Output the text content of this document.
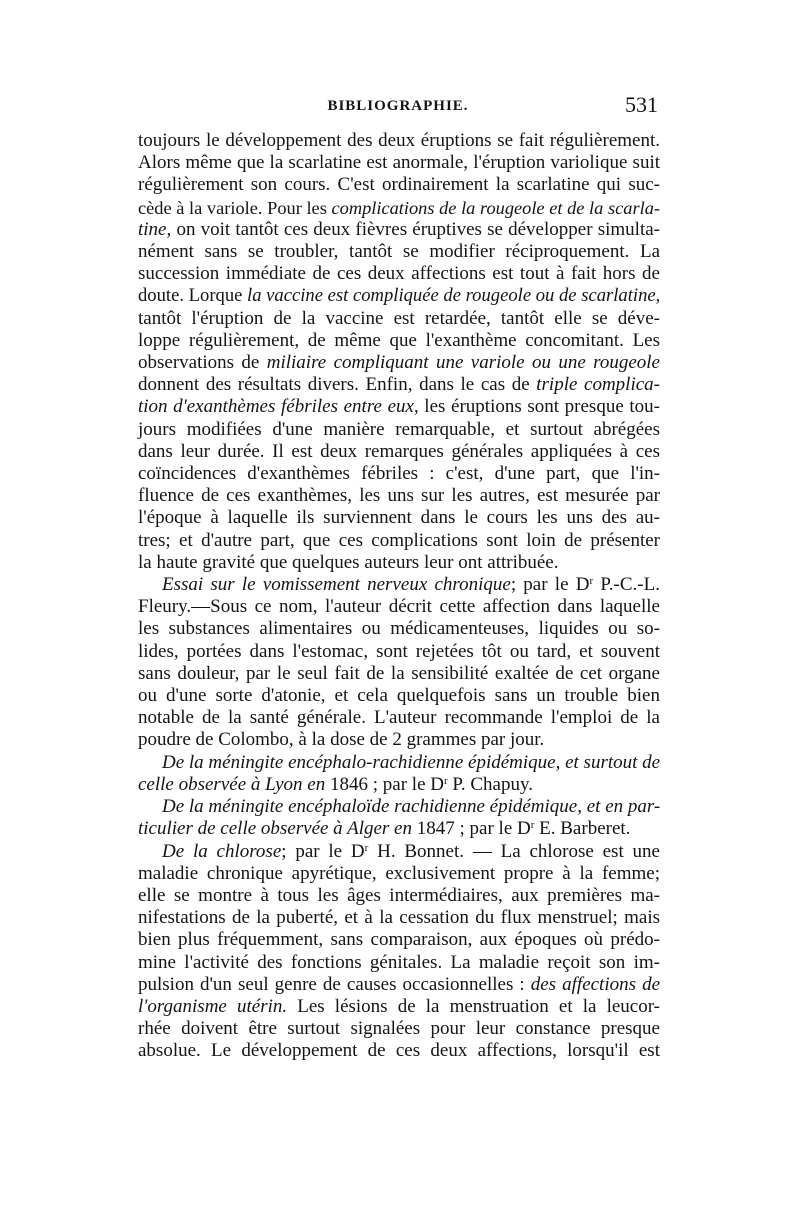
BIBLIOGRAPHIE.	531

toujours le développement des deux éruptions se fait régulièrement.
Alors même que la scarlatine est anormale, l'éruption variolique suit
régulièrement son cours. C'est ordinairement la scarlatine qui suc-
cède à la variole. Pour les complications de la rougeole et de la scarla-
tine, on voit tantôt ces deux fièvres éruptives se développer simulta-
nément sans se troubler, tantôt se modifier réciproquement. La
succession immédiate de ces deux affections est tout à fait hors de
doute. Lorque la vaccine est compliquée de rougeole ou de scarlatine,
tantôt l'éruption de la vaccine est retardée, tantôt elle se déve-
loppe régulièrement, de même que l'exanthème concomitant. Les
observations de miliaire compliquant une variole ou une rougeole
donnent des résultats divers. Enfin, dans le cas de triple complica-
tion d'exanthèmes fébriles entre eux, les éruptions sont presque tou-
jours modifiées d'une manière remarquable, et surtout abrégées
dans leur durée. Il est deux remarques générales appliquées à ces
coïncidences d'exanthèmes fébriles : c'est, d'une part, que l'in-
fluence de ces exanthèmes, les uns sur les autres, est mesurée par
l'époque à laquelle ils surviennent dans le cours les uns des au-
tres; et d'autre part, que ces complications sont loin de présenter
la haute gravité que quelques auteurs leur ont attribuée.

Essai sur le vomissement nerveux chronique; par le $D^r$ P.-C.-L.
Fleury.—Sous ce nom, l'auteur décrit cette affection dans laquelle
les substances alimentaires ou médicamenteuses, liquides ou so-
lides, portées dans l'estomac, sont rejetées tôt ou tard, et souvent
sans douleur, par le seul fait de la sensibilité exaltée de cet organe
ou d'une sorte d'atonie, et cela quelquefois sans un trouble bien
notable de la santé générale. L'auteur recommande l'emploi de la
poudre de Colombo, à la dose de 2 grammes par jour.

De la méningite encéphalo-rachidienne épidémique, et surtout de
celle observée à Lyon en 1846 ; par le $D^r$ P. Chapuy.

De la méningite encéphaloïde rachidienne épidémique, et en par-
ticulier de celle observée à Alger en 1847 ; par le $D^r$ E. Barberet.

De la chlorose; par le $D^r$ H. Bonnet. — La chlorose est une
maladie chronique apyrétique, exclusivement propre à la femme;
elle se montre à tous les âges intermédiaires, aux premières ma-
nifestations de la puberté, et à la cessation du flux menstruel; mais
bien plus fréquemment, sans comparaison, aux époques où prédo-
mine l'activité des fonctions génitales. La maladie reçoit son im-
pulsion d'un seul genre de causes occasionnelles : des affections de
l'organisme utérin. Les lésions de la menstruation et la leucor-
rhée doivent être surtout signalées pour leur constance presque
absolue. Le développement de ces deux affections, lorsqu'il est
